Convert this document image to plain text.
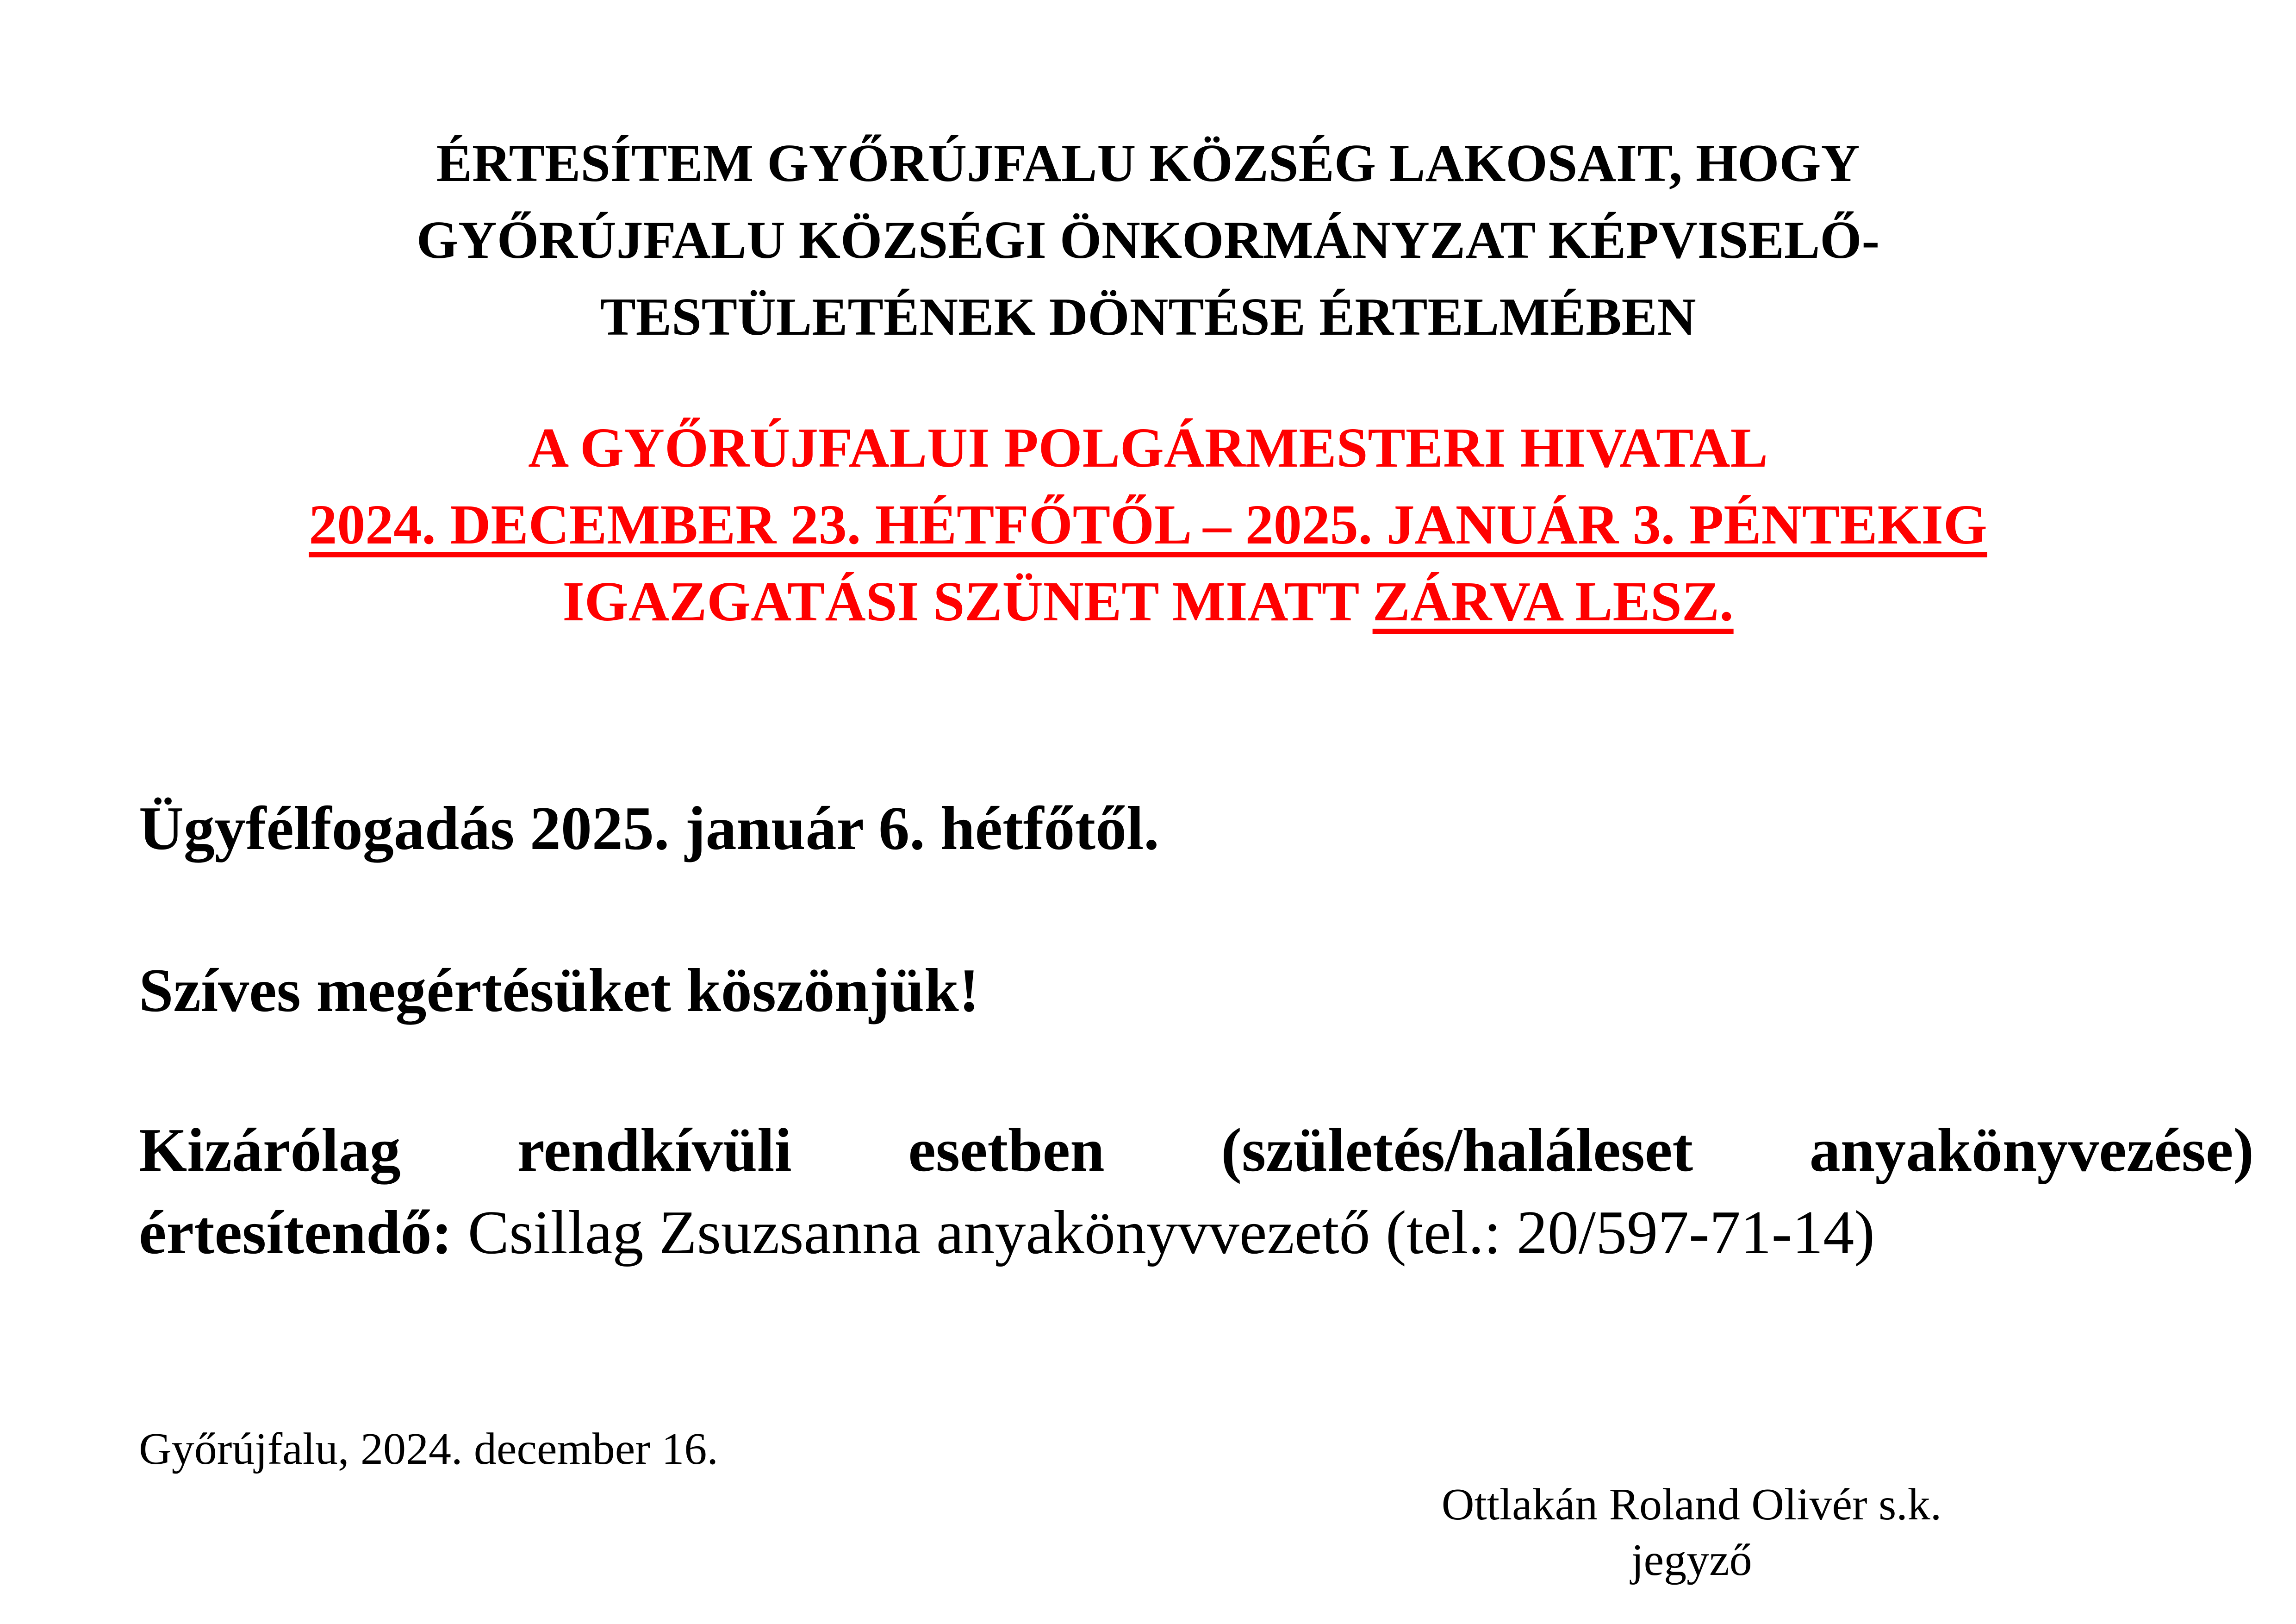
ÉRTESÍTEM GYŐRÚJFALU KÖZSÉG LAKOSAIT, HOGY
GYŐRÚJFALU KÖZSÉGI ÖNKORMÁNYZAT KÉPVISELŐ-
TESTÜLETÉNEK DÖNTÉSE ÉRTELMÉBEN
A GYŐRÚJFALUI POLGÁRMESTERI HIVATAL
2024. DECEMBER 23. HÉTFŐTŐL – 2025. JANUÁR 3. PÉNTEKIG
IGAZGATÁSI SZÜNET MIATT ZÁRVA LESZ.
Ügyfélfogadás 2025. január 6. hétfőtől.
Szíves megértésüket köszönjük!
Kizárólag rendkívüli esetben (születés/haláleset anyakönyvezése)
értesítendő: Csillag Zsuzsanna anyakönyvvezető (tel.: 20/597-71-14)
Győrújfalu, 2024. december 16.
Ottlakán Roland Olivér s.k.
jegyző
